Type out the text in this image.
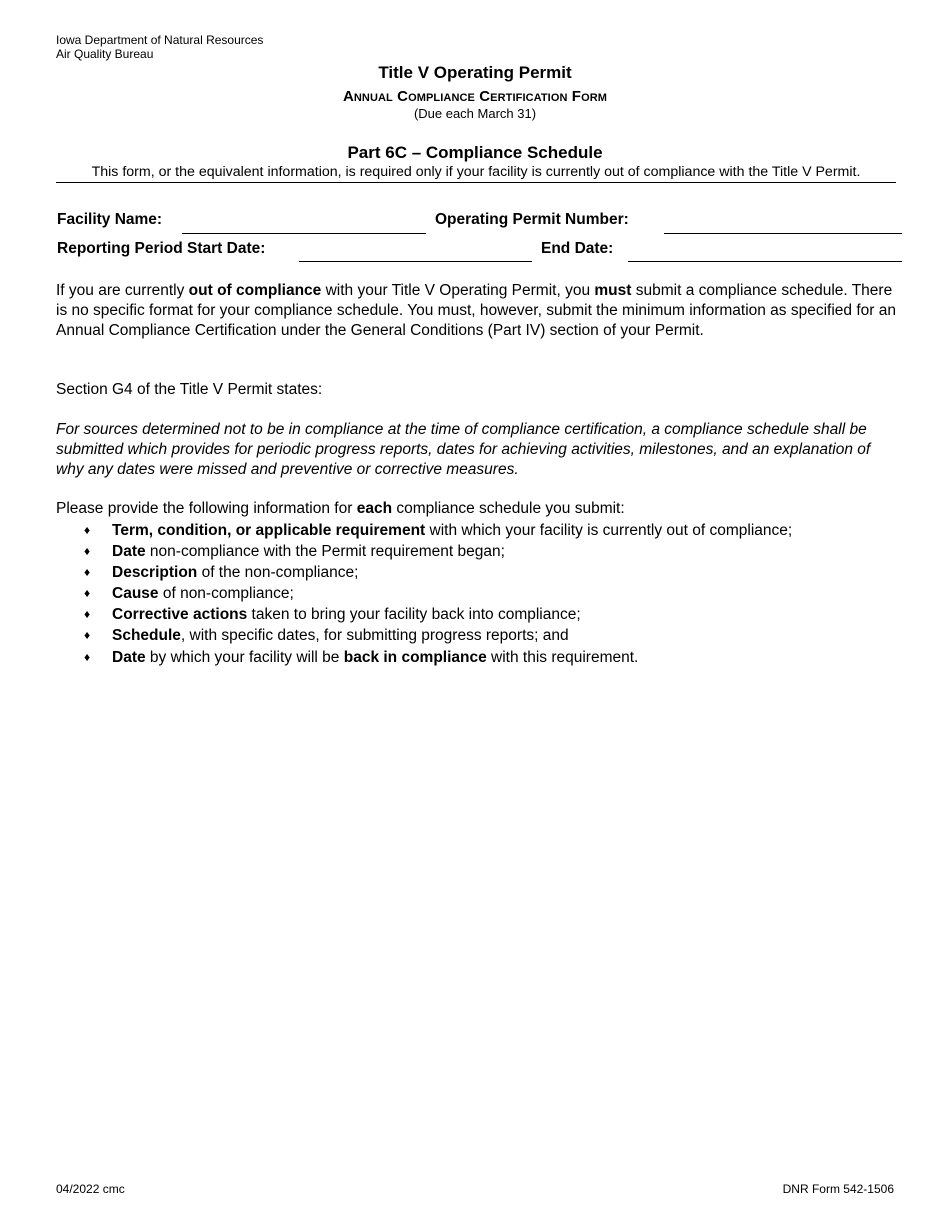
Iowa Department of Natural Resources
Air Quality Bureau
Title V Operating Permit
Annual Compliance Certification Form
(Due each March 31)
Part 6C – Compliance Schedule
This form, or the equivalent information, is required only if your facility is currently out of compliance with the Title V Permit.
Facility Name:	Operating Permit Number:
Reporting Period Start Date:	End Date:
If you are currently out of compliance with your Title V Operating Permit, you must submit a compliance schedule. There is no specific format for your compliance schedule. You must, however, submit the minimum information as specified for an Annual Compliance Certification under the General Conditions (Part IV) section of your Permit.
Section G4 of the Title V Permit states:
For sources determined not to be in compliance at the time of compliance certification, a compliance schedule shall be submitted which provides for periodic progress reports, dates for achieving activities, milestones, and an explanation of why any dates were missed and preventive or corrective measures.
Please provide the following information for each compliance schedule you submit:
♦ Term, condition, or applicable requirement with which your facility is currently out of compliance;
♦ Date non-compliance with the Permit requirement began;
♦ Description of the non-compliance;
♦ Cause of non-compliance;
♦ Corrective actions taken to bring your facility back into compliance;
♦ Schedule, with specific dates, for submitting progress reports; and
♦ Date by which your facility will be back in compliance with this requirement.
04/2022 cmc	DNR Form 542-1506
